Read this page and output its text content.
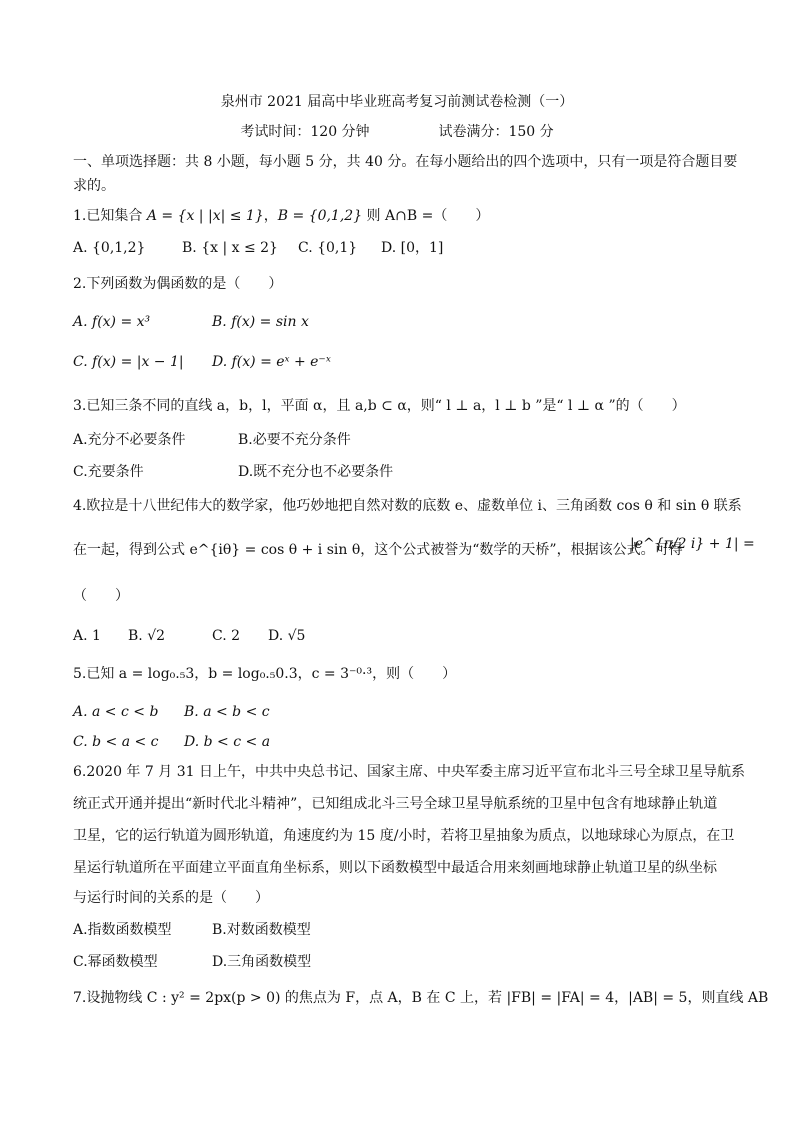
泉州市 2021 届高中毕业班高考复习前测试卷检测（一）
考试时间：120 分钟	试卷满分：150 分
一、单项选择题：共 8 小题，每小题 5 分，共 40 分。在每小题给出的四个选项中，只有一项是符合题目要
求的。
1.已知集合 A = {x | |x| ≤ 1}，B = {0,1,2} 则 A∩B =（　　）
A. {0,1,2}	B. {x | x ≤ 2} C. {0,1} D. [0，1]
2.下列函数为偶函数的是（　　）
A. f(x) = x³	B. f(x) = sin x
C. f(x) = |x − 1| D. f(x) = eˣ + e⁻ˣ
3.已知三条不同的直线 a，b，l，平面 α，且 a,b ⊂ α，则“ l ⊥ a，l ⊥ b ”是“ l ⊥ α ”的（　　）
A.充分不必要条件	B.必要不充分条件
C.充要条件	D.既不充分也不必要条件
4.欧拉是十八世纪伟大的数学家，他巧妙地把自然对数的底数 e、虚数单位 i、三角函数 cos θ 和 sin θ 联系
在一起，得到公式 e^{iθ} = cos θ + i sin θ，这个公式被誉为“数学的天桥”，根据该公式。可得
|e^{π/2 i} + 1| =
（　　）
A. 1 B. √2	C. 2 D. √5
5.已知 a = log₀.₅3，b = log₀.₅0.3，c = 3⁻⁰·³，则（　　）
A. a < c < b B. a < b < c
C. b < a < c D. b < c < a
6.2020 年 7 月 31 日上午，中共中央总书记、国家主席、中央军委主席习近平宣布北斗三号全球卫星导航系
统正式开通并提出“新时代北斗精神”，已知组成北斗三号全球卫星导航系统的卫星中包含有地球静止轨道
卫星，它的运行轨道为圆形轨道，角速度约为 15 度/小时，若将卫星抽象为质点，以地球球心为原点，在卫
星运行轨道所在平面建立平面直角坐标系，则以下函数模型中最适合用来刻画地球静止轨道卫星的纵坐标
与运行时间的关系的是（　　）
A.指数函数模型	B.对数函数模型
C.幂函数模型	D.三角函数模型
7.设抛物线 C : y² = 2px(p > 0) 的焦点为 F，点 A，B 在 C 上，若 |FB| = |FA| = 4，|AB| = 5，则直线 AB
